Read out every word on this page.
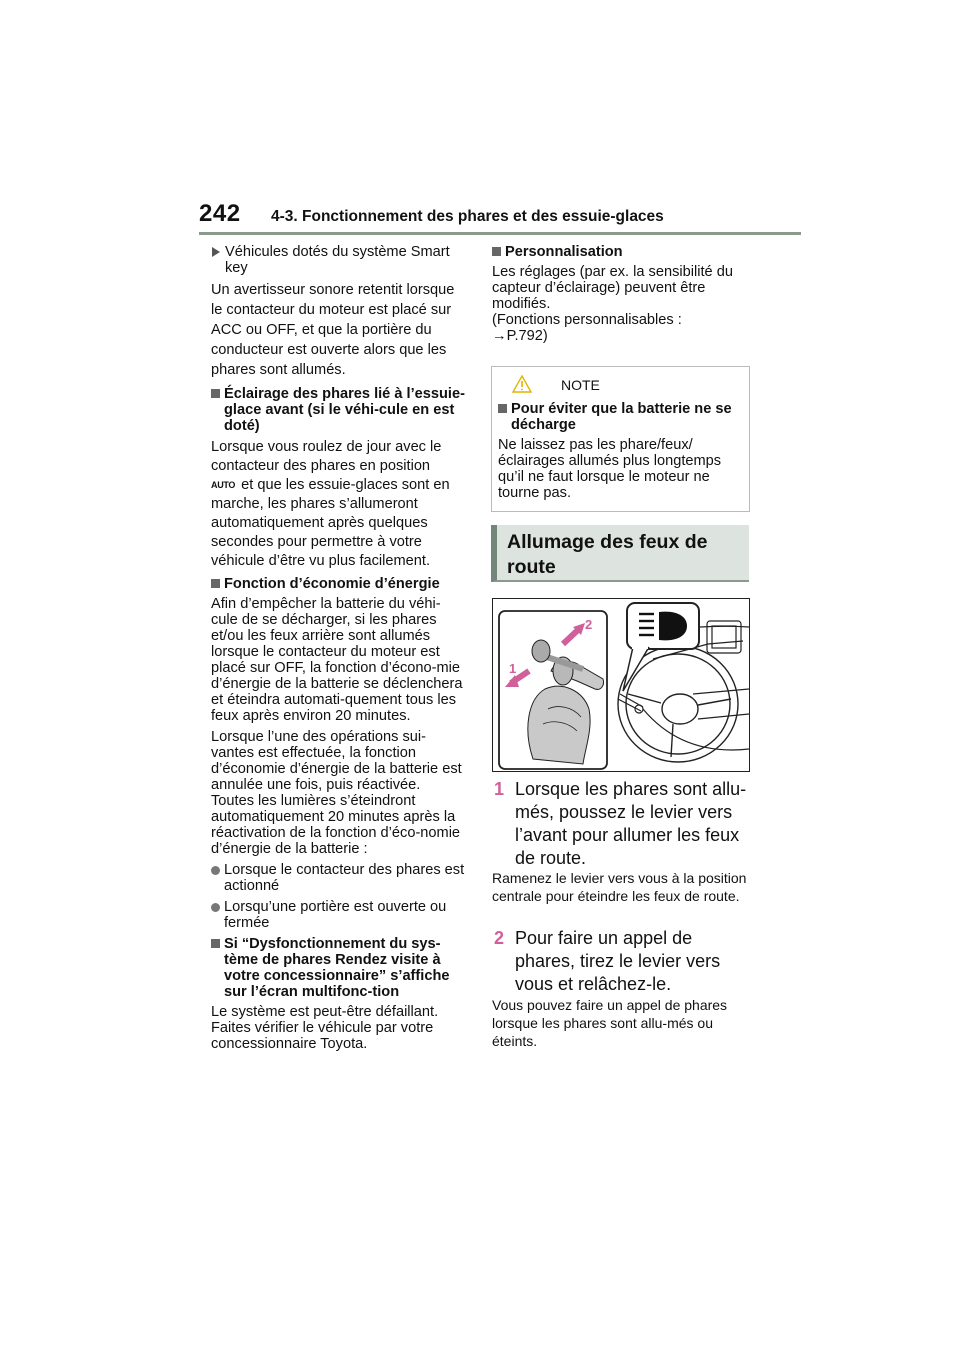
242 4-3. Fonctionnement des phares et des essuie-glaces

Véhicules dotés du système Smart key

Un avertisseur sonore retentit lorsque le contacteur du moteur est placé sur ACC ou OFF, et que la portière du conducteur est ouverte alors que les phares sont allumés.

Éclairage des phares lié à l’essuie-glace avant (si le véhi-cule en est doté)

Lorsque vous roulez de jour avec le contacteur des phares en position
AUTO et que les essuie-glaces sont en marche, les phares s’allumeront automatiquement après quelques secondes pour permettre à votre véhicule d’être vu plus facilement.

Fonction d’économie d’énergie

Afin d’empêcher la batterie du véhi-cule de se décharger, si les phares et/ou les feux arrière sont allumés lorsque le contacteur du moteur est placé sur OFF, la fonction d’écono-mie d’énergie de la batterie se déclenchera et éteindra automati-quement tous les feux après environ 20 minutes.

Lorsque l’une des opérations sui-vantes est effectuée, la fonction d’économie d’énergie de la batterie est annulée une fois, puis réactivée. Toutes les lumières s’éteindront automatiquement 20 minutes après la réactivation de la fonction d’éco-nomie d’énergie de la batterie :

Lorsque le contacteur des phares est actionné

Lorsqu’une portière est ouverte ou fermée

Si “Dysfonctionnement du sys-tème de phares Rendez visite à votre concessionnaire” s’affiche sur l’écran multifonc-tion

Le système est peut-être défaillant. Faites vérifier le véhicule par votre concessionnaire Toyota.

Personnalisation

Les réglages (par ex. la sensibilité du capteur d’éclairage) peuvent être modifiés.

(Fonctions personnalisables :

→P.792)

NOTE

Pour éviter que la batterie ne se décharge

Ne laissez pas les phare/feux/éclairages allumés plus longtemps qu’il ne faut lorsque le moteur ne tourne pas.

Allumage des feux de route
1
2
1 Lorsque les phares sont allu-més, poussez le levier vers l’avant pour allumer les feux de route.
Ramenez le levier vers vous à la position centrale pour éteindre les feux de route.
2 Pour faire un appel de phares, tirez le levier vers vous et relâchez-le.
Vous pouvez faire un appel de phares lorsque les phares sont allu-més ou éteints.
